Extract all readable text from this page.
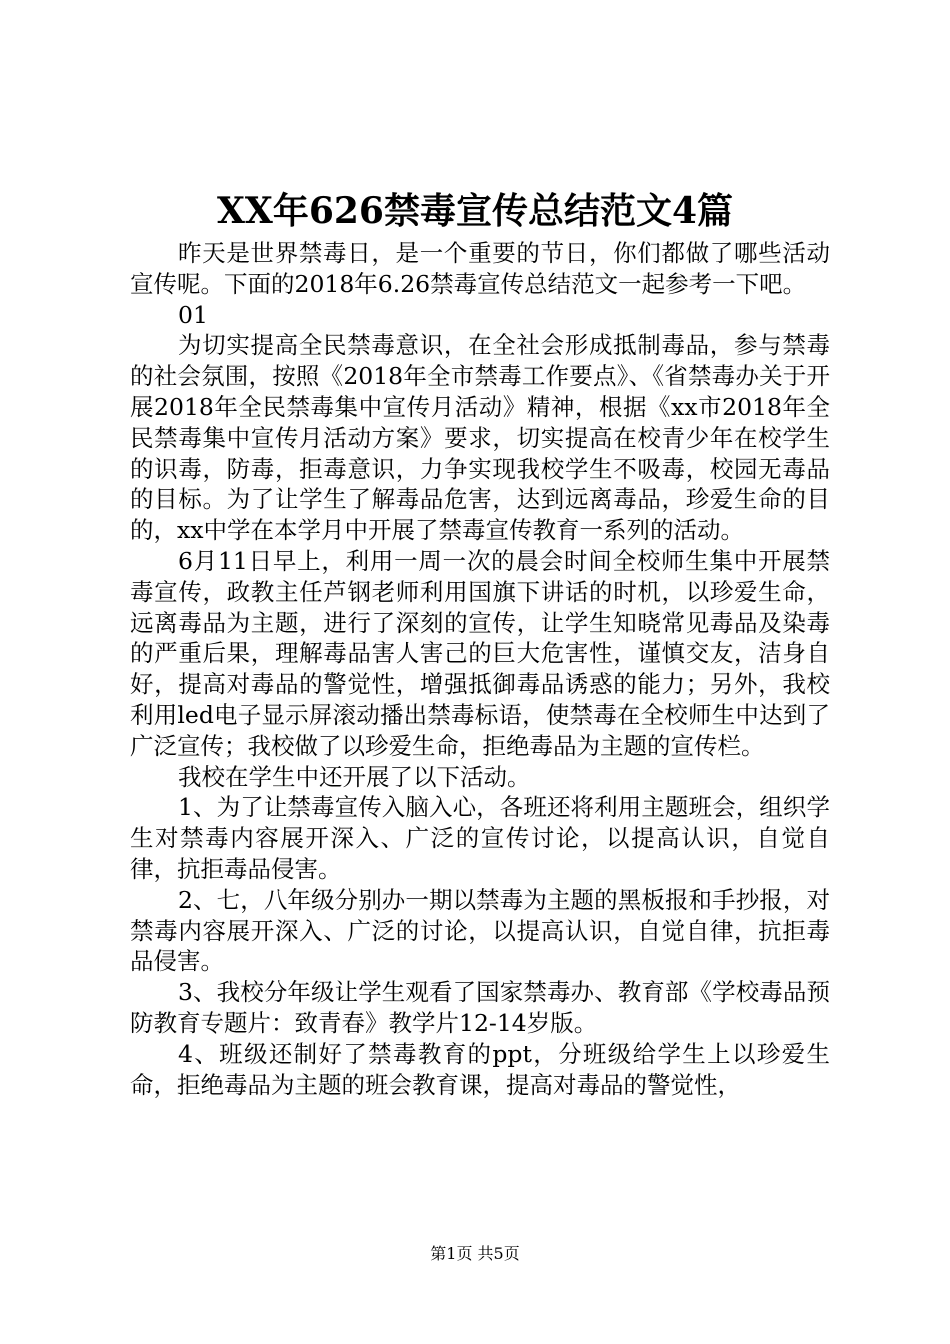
XX年626禁毒宣传总结范文4篇

昨天是世界禁毒日，是一个重要的节日，你们都做了哪些活动宣传呢。下面的2018年6.26禁毒宣传总结范文一起参考一下吧。

01

为切实提高全民禁毒意识，在全社会形成抵制毒品，参与禁毒的社会氛围，按照《2018年全市禁毒工作要点》、《省禁毒办关于开展2018年全民禁毒集中宣传月活动》精神，根据《xx市2018年全民禁毒集中宣传月活动方案》要求，切实提高在校青少年在校学生的识毒，防毒，拒毒意识，力争实现我校学生不吸毒，校园无毒品的目标。为了让学生了解毒品危害，达到远离毒品，珍爱生命的目的，xx中学在本学月中开展了禁毒宣传教育一系列的活动。

6月11日早上，利用一周一次的晨会时间全校师生集中开展禁毒宣传，政教主任芦钢老师利用国旗下讲话的时机，以珍爱生命，远离毒品为主题，进行了深刻的宣传，让学生知晓常见毒品及染毒的严重后果，理解毒品害人害己的巨大危害性，谨慎交友，洁身自好，提高对毒品的警觉性，增强抵御毒品诱惑的能力；另外，我校利用led电子显示屏滚动播出禁毒标语，使禁毒在全校师生中达到了广泛宣传；我校做了以珍爱生命，拒绝毒品为主题的宣传栏。

我校在学生中还开展了以下活动。

1、为了让禁毒宣传入脑入心，各班还将利用主题班会，组织学生对禁毒内容展开深入、广泛的宣传讨论，以提高认识，自觉自律，抗拒毒品侵害。

2、七，八年级分别办一期以禁毒为主题的黑板报和手抄报，对禁毒内容展开深入、广泛的讨论，以提高认识，自觉自律，抗拒毒品侵害。

3、我校分年级让学生观看了国家禁毒办、教育部《学校毒品预防教育专题片：致青春》教学片12-14岁版。

4、班级还制好了禁毒教育的ppt，分班级给学生上以珍爱生命，拒绝毒品为主题的班会教育课，提高对毒品的警觉性，

第1页 共5页
